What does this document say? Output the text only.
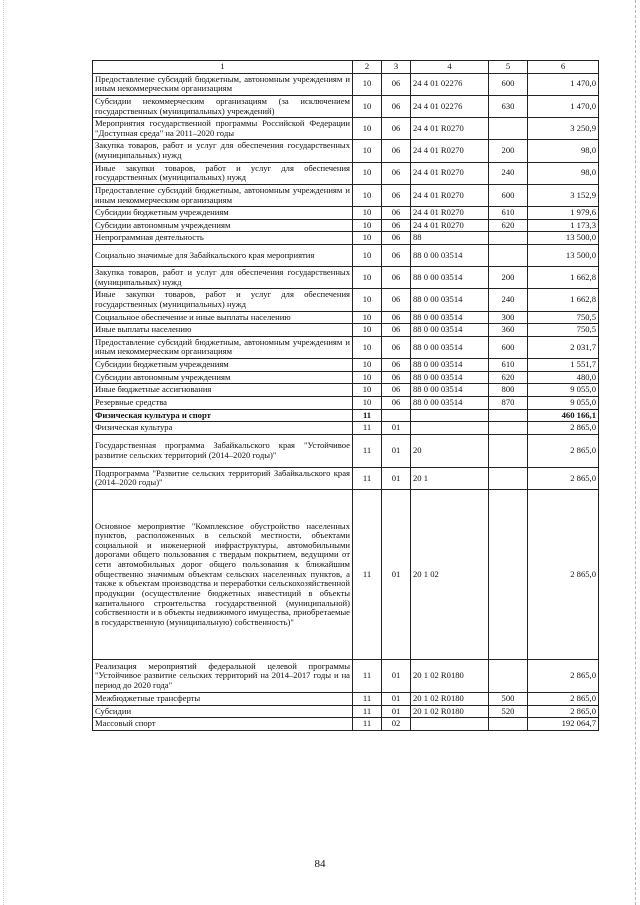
1	2	3	4	5	6
Предоставление субсидий бюджетным, автономным учреждениям и иным некоммерческим организациям	10	06	24 4 01 02276	600	1 470,0
Субсидии некоммерческим организациям (за исключением государственных (муниципальных) учреждений)	10	06	24 4 01 02276	630	1 470,0
Мероприятия государственной программы Российской Федерации "Доступная среда" на 2011–2020 годы	10	06	24 4 01 R0270		3 250,9
Закупка товаров, работ и услуг для обеспечения государственных (муниципальных) нужд	10	06	24 4 01 R0270	200	98,0
Иные закупки товаров, работ и услуг для обеспечения государственных (муниципальных) нужд	10	06	24 4 01 R0270	240	98,0
Предоставление субсидий бюджетным, автономным учреждениям и иным некоммерческим организациям	10	06	24 4 01 R0270	600	3 152,9
Субсидии бюджетным учреждениям	10	06	24 4 01 R0270	610	1 979,6
Субсидии автономным учреждениям	10	06	24 4 01 R0270	620	1 173,3
Непрограммная деятельность	10	06	88		13 500,0
Социально значимые для Забайкальского края мероприятия	10	06	88 0 00 03514		13 500,0
Закупка товаров, работ и услуг для обеспечения государственных (муниципальных) нужд	10	06	88 0 00 03514	200	1 662,8
Иные закупки товаров, работ и услуг для обеспечения государственных (муниципальных) нужд	10	06	88 0 00 03514	240	1 662,8
Социальное обеспечение и иные выплаты населению	10	06	88 0 00 03514	300	750,5
Иные выплаты населению	10	06	88 0 00 03514	360	750,5
Предоставление субсидий бюджетным, автономным учреждениям и иным некоммерческим организациям	10	06	88 0 00 03514	600	2 031,7
Субсидии бюджетным учреждениям	10	06	88 0 00 03514	610	1 551,7
Субсидии автономным учреждениям	10	06	88 0 00 03514	620	480,0
Иные бюджетные ассигнования	10	06	88 0 00 03514	800	9 055,0
Резервные средства	10	06	88 0 00 03514	870	9 055,0
Физическая культура и спорт	11				460 166,1
Физическая культура	11	01			2 865,0
Государственная программа Забайкальского края "Устойчивое развитие сельских территорий (2014–2020 годы)"	11	01	20		2 865,0
Подпрограмма "Развитие сельских территорий Забайкальского края (2014–2020 годы)"	11	01	20 1		2 865,0
Основное мероприятие "Комплексное обустройство населенных пунктов, расположенных в сельской местности, объектами социальной и инженерной инфраструктуры, автомобильными дорогами общего пользования с твердым покрытием, ведущими от сети автомобильных дорог общего пользования к ближайшим общественно значимым объектам сельских населенных пунктов, а также к объектам производства и переработки сельскохозяйственной продукции (осуществление бюджетных инвестиций в объекты капитального строительства государственной (муниципальной) собственности и в объекты недвижимого имущества, приобретаемые в государственную (муниципальную) собственность)"	11	01	20 1 02		2 865,0
Реализация мероприятий федеральной целевой программы "Устойчивое развитие сельских территорий на 2014–2017 годы и на период до 2020 года"	11	01	20 1 02 R0180		2 865,0
Межбюджетные трансферты	11	01	20 1 02 R0180	500	2 865,0
Субсидии	11	01	20 1 02 R0180	520	2 865,0
Массовый спорт	11	02			192 064,7
84
